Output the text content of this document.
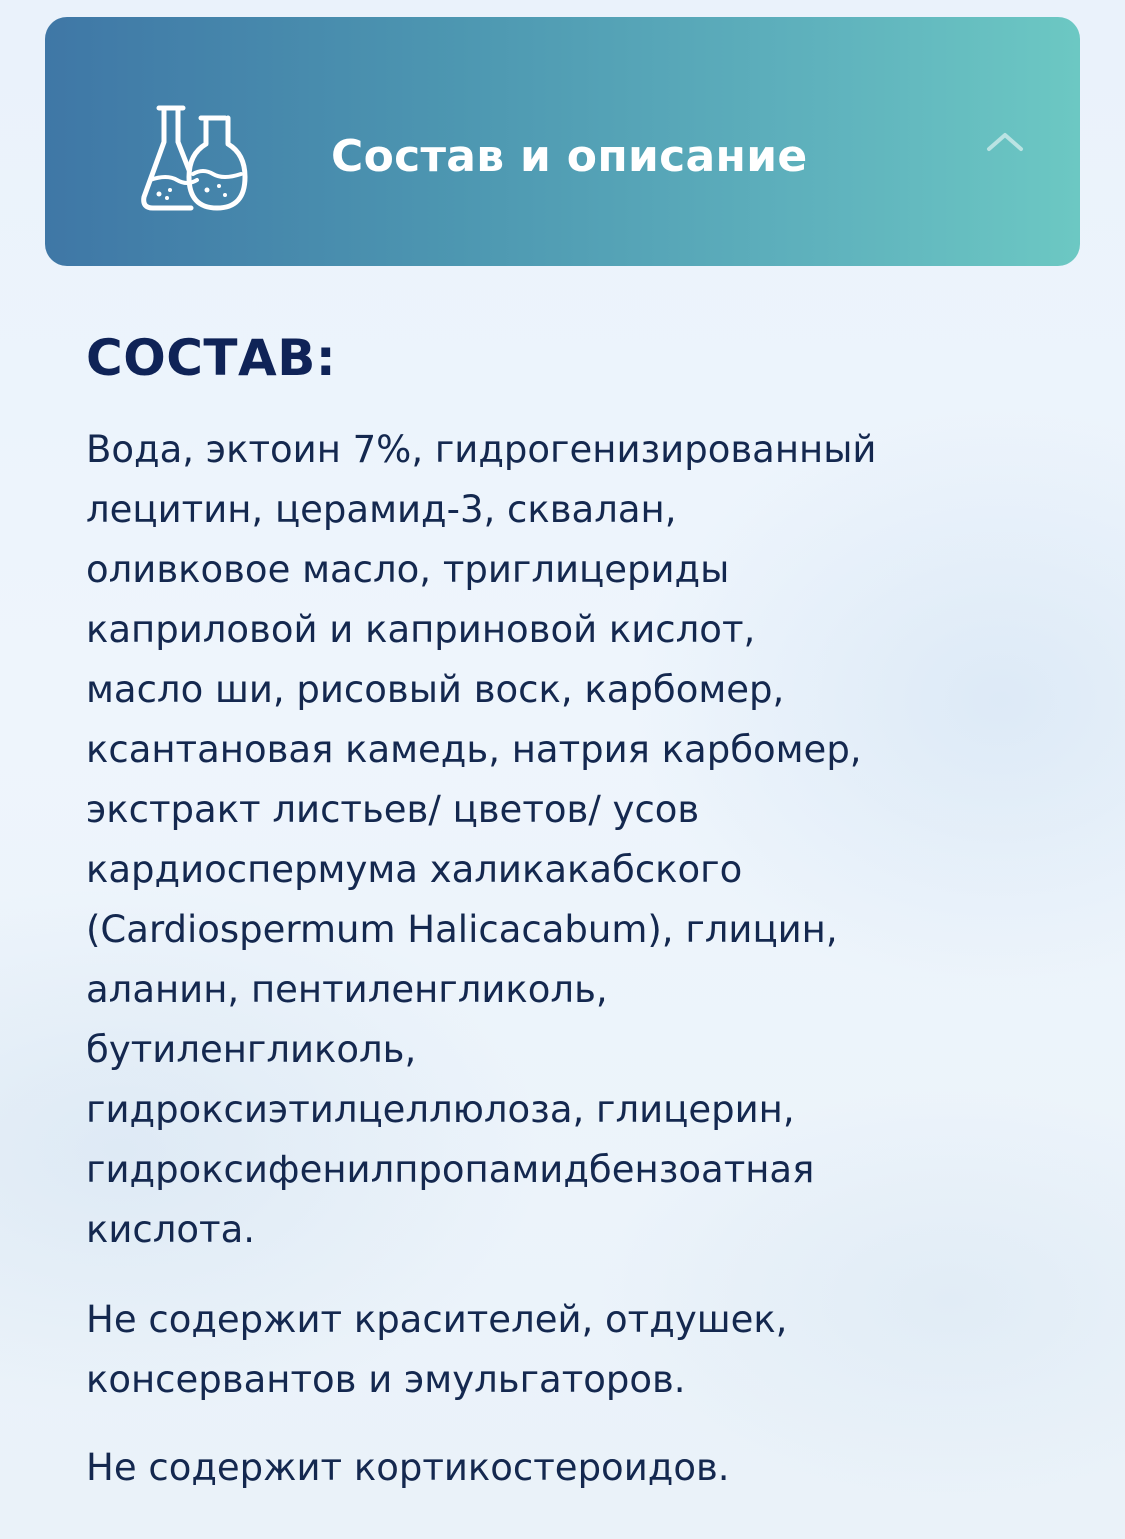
Состав и описание
СОСТАВ:
Вода, эктоин 7%, гидрогенизированный
лецитин, церамид-3, сквалан,
оливковое масло, триглицериды
каприловой и каприновой кислот,
масло ши, рисовый воск, карбомер,
ксантановая камедь, натрия карбомер,
экстракт листьев/ цветов/ усов
кардиоспермума халикакабского
(Cardiospermum Halicacabum), глицин,
аланин, пентиленгликоль,
бутиленгликоль,
гидроксиэтилцеллюлоза, глицерин,
гидроксифенилпропамидбензоатная
кислота.
Не содержит красителей, отдушек,
консервантов и эмульгаторов.
Не содержит кортикостероидов.
